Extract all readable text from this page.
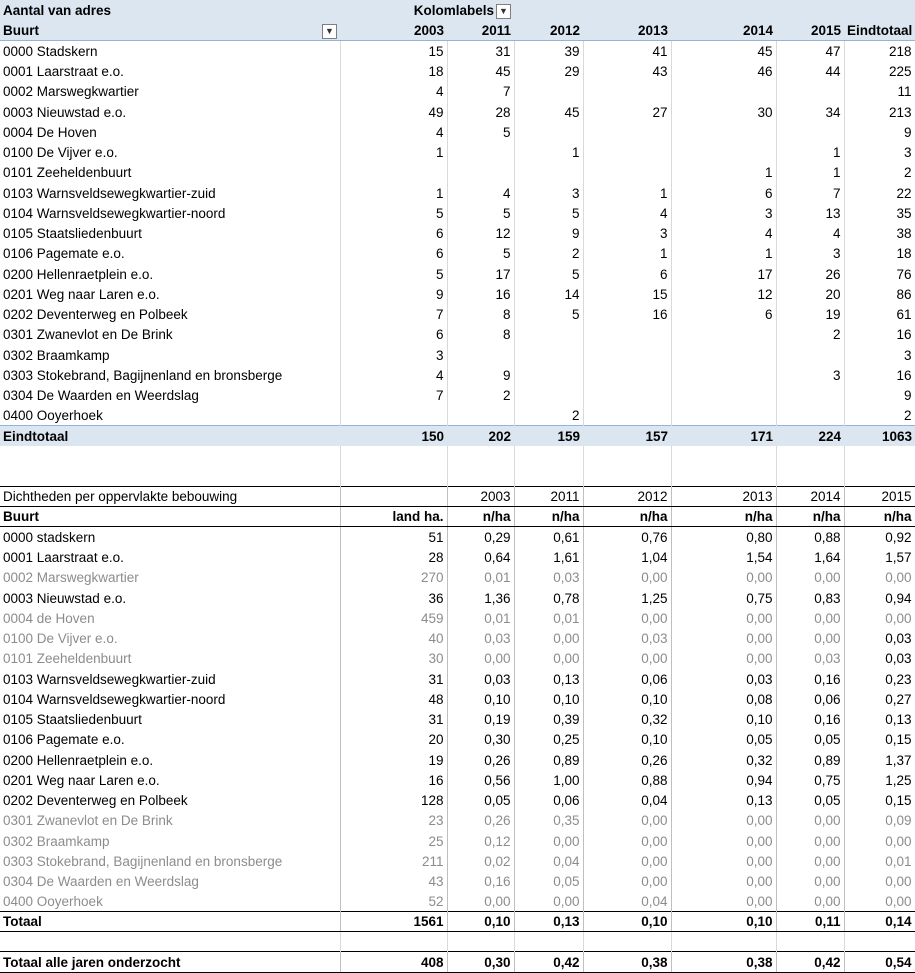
Aantal van adres	Kolomlabels ▼						
Buurt ▼	2003	2011	2012	2013	2014	2015	Eindtotaal
0000 Stadskern	15	31	39	41	45	47	218
0001 Laarstraat e.o.	18	45	29	43	46	44	225
0002 Marswegkwartier	4	7					11
0003 Nieuwstad e.o.	49	28	45	27	30	34	213
0004 De Hoven	4	5					9
0100 De Vijver e.o.	1		1			1	3
0101 Zeeheldenbuurt					1	1	2
0103 Warnsveldsewegkwartier-zuid	1	4	3	1	6	7	22
0104 Warnsveldsewegkwartier-noord	5	5	5	4	3	13	35
0105 Staatsliedenbuurt	6	12	9	3	4	4	38
0106 Pagemate e.o.	6	5	2	1	1	3	18
0200 Hellenraetplein e.o.	5	17	5	6	17	26	76
0201 Weg naar Laren e.o.	9	16	14	15	12	20	86
0202 Deventerweg en Polbeek	7	8	5	16	6	19	61
0301 Zwanevlot en De Brink	6	8				2	16
0302 Braamkamp	3						3
0303 Stokebrand, Bagijnenland en bronsberge	4	9				3	16
0304 De Waarden en Weerdslag	7	2					9
0400 Ooyerhoek			2				2
Eindtotaal	150	202	159	157	171	224	1063

Dichtheden per oppervlakte bebouwing		2003	2011	2012	2013	2014	2015
Buurt	land ha.	n/ha	n/ha	n/ha	n/ha	n/ha	n/ha
0000 stadskern	51	0,29	0,61	0,76	0,80	0,88	0,92
0001 Laarstraat e.o.	28	0,64	1,61	1,04	1,54	1,64	1,57
0002 Marswegkwartier	270	0,01	0,03	0,00	0,00	0,00	0,00
0003 Nieuwstad e.o.	36	1,36	0,78	1,25	0,75	0,83	0,94
0004 de Hoven	459	0,01	0,01	0,00	0,00	0,00	0,00
0100 De Vijver e.o.	40	0,03	0,00	0,03	0,00	0,00	0,03
0101 Zeeheldenbuurt	30	0,00	0,00	0,00	0,00	0,03	0,03
0103 Warnsveldsewegkwartier-zuid	31	0,03	0,13	0,06	0,03	0,16	0,23
0104 Warnsveldsewegkwartier-noord	48	0,10	0,10	0,10	0,08	0,06	0,27
0105 Staatsliedenbuurt	31	0,19	0,39	0,32	0,10	0,16	0,13
0106 Pagemate e.o.	20	0,30	0,25	0,10	0,05	0,05	0,15
0200 Hellenraetplein e.o.	19	0,26	0,89	0,26	0,32	0,89	1,37
0201 Weg naar Laren e.o.	16	0,56	1,00	0,88	0,94	0,75	1,25
0202 Deventerweg en Polbeek	128	0,05	0,06	0,04	0,13	0,05	0,15
0301 Zwanevlot en De Brink	23	0,26	0,35	0,00	0,00	0,00	0,09
0302 Braamkamp	25	0,12	0,00	0,00	0,00	0,00	0,00
0303 Stokebrand, Bagijnenland en bronsberge	211	0,02	0,04	0,00	0,00	0,00	0,01
0304 De Waarden en Weerdslag	43	0,16	0,05	0,00	0,00	0,00	0,00
0400 Ooyerhoek	52	0,00	0,00	0,04	0,00	0,00	0,00
Totaal	1561	0,10	0,13	0,10	0,10	0,11	0,14

Totaal alle jaren onderzocht	408	0,30	0,42	0,38	0,38	0,42	0,54
